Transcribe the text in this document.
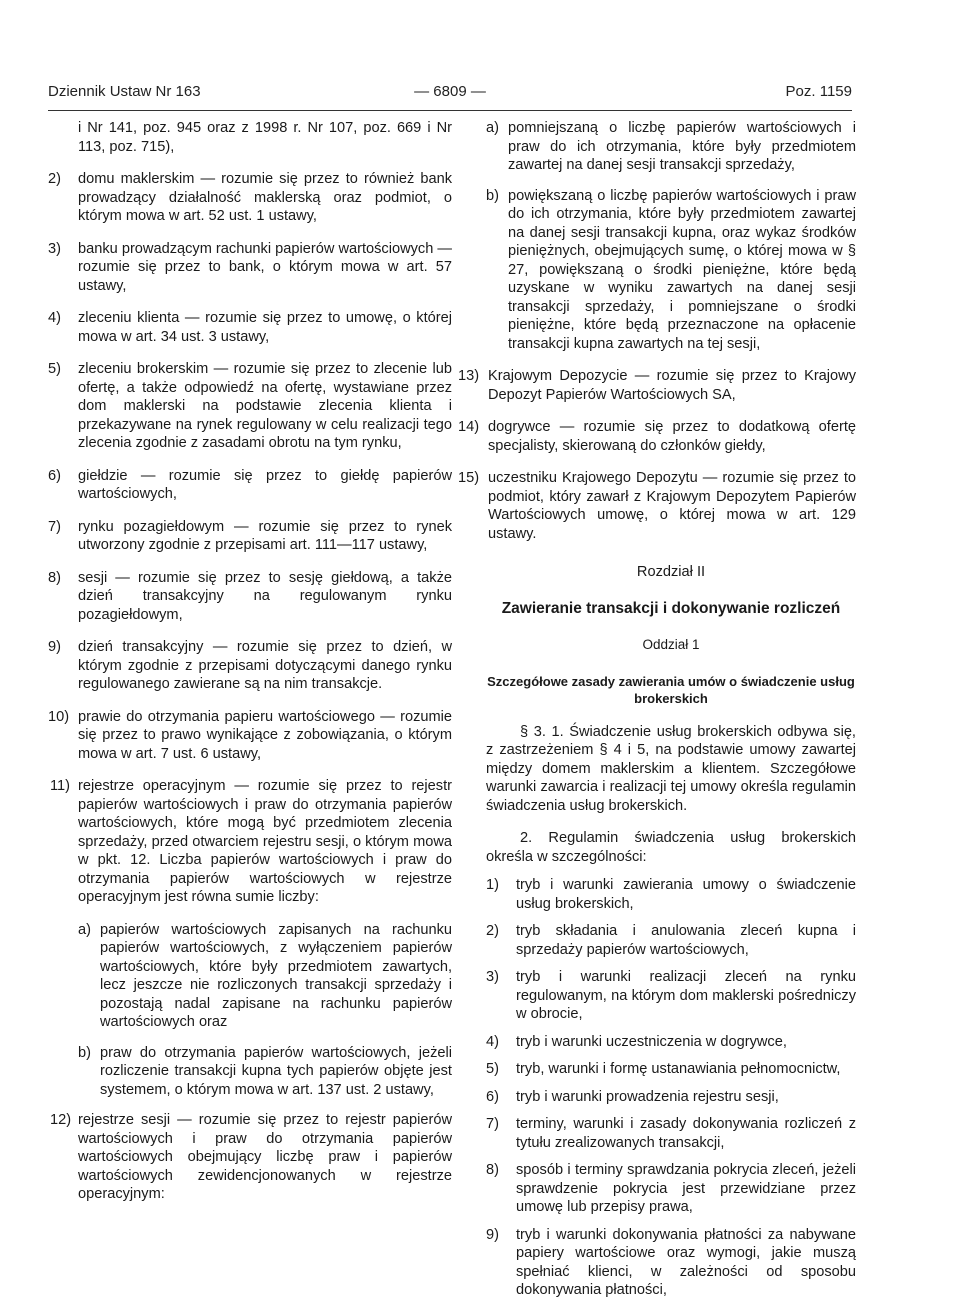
Dziennik Ustaw Nr 163	— 6809 —	Poz. 1159
i Nr 141, poz. 945 oraz z 1998 r. Nr 107, poz. 669 i Nr 113, poz. 715),
2) domu maklerskim — rozumie się przez to również bank prowadzący działalność maklerską oraz podmiot, o którym mowa w art. 52 ust. 1 ustawy,
3) banku prowadzącym rachunki papierów wartościowych — rozumie się przez to bank, o którym mowa w art. 57 ustawy,
4) zleceniu klienta — rozumie się przez to umowę, o której mowa w art. 34 ust. 3 ustawy,
5) zleceniu brokerskim — rozumie się przez to zlecenie lub ofertę, a także odpowiedź na ofertę, wystawiane przez dom maklerski na podstawie zlecenia klienta i przekazywane na rynek regulowany w celu realizacji tego zlecenia zgodnie z zasadami obrotu na tym rynku,
6) giełdzie — rozumie się przez to giełdę papierów wartościowych,
7) rynku pozagiełdowym — rozumie się przez to rynek utworzony zgodnie z przepisami art. 111—117 ustawy,
8) sesji — rozumie się przez to sesję giełdową, a także dzień transakcyjny na regulowanym rynku pozagiełdowym,
9) dzień transakcyjny — rozumie się przez to dzień, w którym zgodnie z przepisami dotyczącymi danego rynku regulowanego zawierane są na nim transakcje.
10) prawie do otrzymania papieru wartościowego — rozumie się przez to prawo wynikające z zobowiązania, o którym mowa w art. 7 ust. 6 ustawy,
11) rejestrze operacyjnym — rozumie się przez to rejestr papierów wartościowych i praw do otrzymania papierów wartościowych, które mogą być przedmiotem zlecenia sprzedaży, przed otwarciem rejestru sesji, o którym mowa w pkt. 12. Liczba papierów wartościowych i praw do otrzymania papierów wartościowych w rejestrze operacyjnym jest równa sumie liczby:
a) papierów wartościowych zapisanych na rachunku papierów wartościowych, z wyłączeniem papierów wartościowych, które były przedmiotem zawartych, lecz jeszcze nie rozliczonych transakcji sprzedaży i pozostają nadal zapisane na rachunku papierów wartościowych oraz
b) praw do otrzymania papierów wartościowych, jeżeli rozliczenie transakcji kupna tych papierów objęte jest systemem, o którym mowa w art. 137 ust. 2 ustawy,
12) rejestrze sesji — rozumie się przez to rejestr papierów wartościowych i praw do otrzymania papierów wartościowych obejmujący liczbę praw i papierów wartościowych zewidencjonowanych w rejestrze operacyjnym:
a) pomniejszaną o liczbę papierów wartościowych i praw do ich otrzymania, które były przedmiotem zawartej na danej sesji transakcji sprzedaży,
b) powiększaną o liczbę papierów wartościowych i praw do ich otrzymania, które były przedmiotem zawartej na danej sesji transakcji kupna, oraz wykaz środków pieniężnych, obejmujących sumę, o której mowa w § 27, powiększaną o środki pieniężne, które będą uzyskane w wyniku zawartych na danej sesji transakcji sprzedaży, i pomniejszane o środki pieniężne, które będą przeznaczone na opłacenie transakcji kupna zawartych na tej sesji,
13) Krajowym Depozycie — rozumie się przez to Krajowy Depozyt Papierów Wartościowych SA,
14) dogrywce — rozumie się przez to dodatkową ofertę specjalisty, skierowaną do członków giełdy,
15) uczestniku Krajowego Depozytu — rozumie się przez to podmiot, który zawarł z Krajowym Depozytem Papierów Wartościowych umowę, o której mowa w art. 129 ustawy.
Rozdział II
Zawieranie transakcji i dokonywanie rozliczeń
Oddział 1
Szczegółowe zasady zawierania umów o świadczenie usług brokerskich
§ 3. 1. Świadczenie usług brokerskich odbywa się, z zastrzeżeniem § 4 i 5, na podstawie umowy zawartej między domem maklerskim a klientem. Szczegółowe warunki zawarcia i realizacji tej umowy określa regulamin świadczenia usług brokerskich.
2. Regulamin świadczenia usług brokerskich określa w szczególności:
1) tryb i warunki zawierania umowy o świadczenie usług brokerskich,
2) tryb składania i anulowania zleceń kupna i sprzedaży papierów wartościowych,
3) tryb i warunki realizacji zleceń na rynku regulowanym, na którym dom maklerski pośredniczy w obrocie,
4) tryb i warunki uczestniczenia w dogrywce,
5) tryb, warunki i formę ustanawiania pełnomocnictw,
6) tryb i warunki prowadzenia rejestru sesji,
7) terminy, warunki i zasady dokonywania rozliczeń z tytułu zrealizowanych transakcji,
8) sposób i terminy sprawdzania pokrycia zleceń, jeżeli sprawdzenie pokrycia jest przewidziane przez umowę lub przepisy prawa,
9) tryb i warunki dokonywania płatności za nabywane papiery wartościowe oraz wymogi, jakie muszą spełniać klienci, w zależności od sposobu dokonywania płatności,
